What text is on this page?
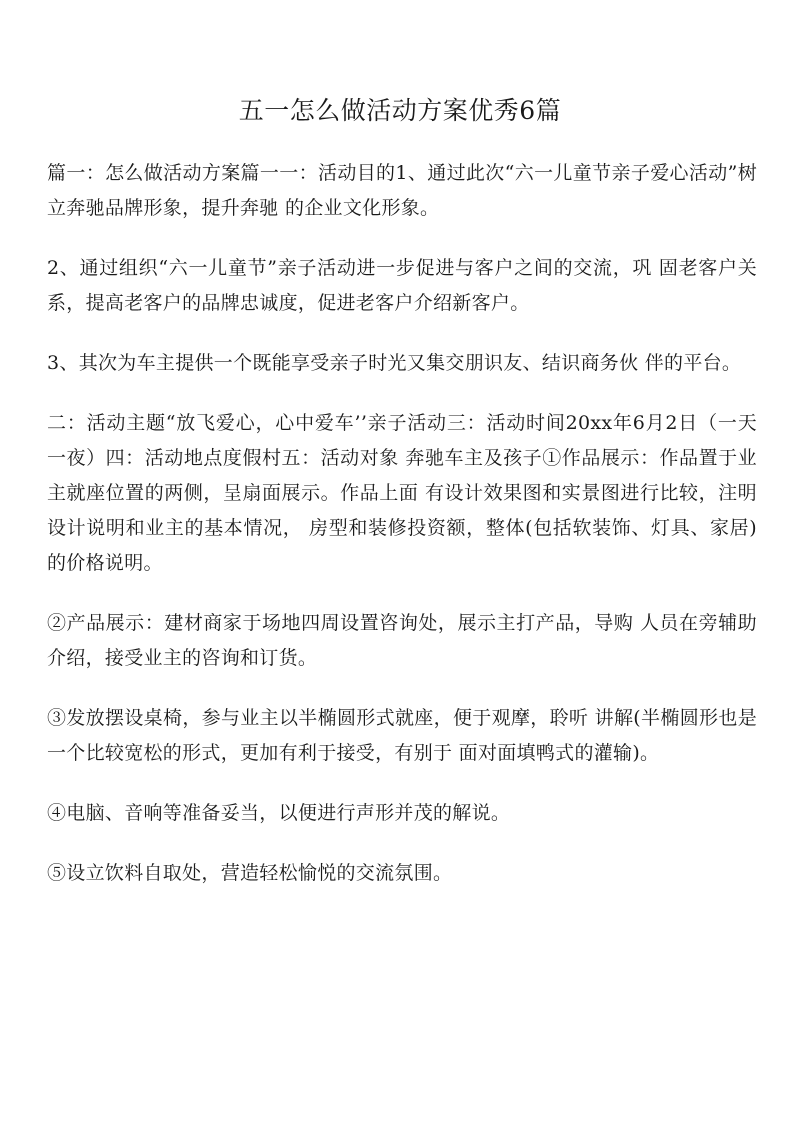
五一怎么做活动方案优秀6篇

篇一：怎么做活动方案篇一一：活动目的1、通过此次“六一儿童节亲子爱心活动”树立奔驰品牌形象，提升奔驰 的企业文化形象。

2、通过组织“六一儿童节”亲子活动进一步促进与客户之间的交流，巩 固老客户关系，提高老客户的品牌忠诚度，促进老客户介绍新客户。

3、其次为车主提供一个既能享受亲子时光又集交朋识友、结识商务伙 伴的平台。

二：活动主题“放飞爱心，心中爱车’’亲子活动三：活动时间20xx年6月2日（一天一夜）四：活动地点度假村五：活动对象 奔驰车主及孩子①作品展示：作品置于业主就座位置的两侧，呈扇面展示。作品上面 有设计效果图和实景图进行比较，注明设计说明和业主的基本情况， 房型和装修投资额，整体(包括软装饰、灯具、家居)的价格说明。

②产品展示：建材商家于场地四周设置咨询处，展示主打产品，导购 人员在旁辅助介绍，接受业主的咨询和订货。

③发放摆设桌椅，参与业主以半椭圆形式就座，便于观摩，聆听 讲解(半椭圆形也是一个比较宽松的形式，更加有利于接受，有别于 面对面填鸭式的灌输)。

④电脑、音响等准备妥当，以便进行声形并茂的解说。

⑤设立饮料自取处，营造轻松愉悦的交流氛围。
